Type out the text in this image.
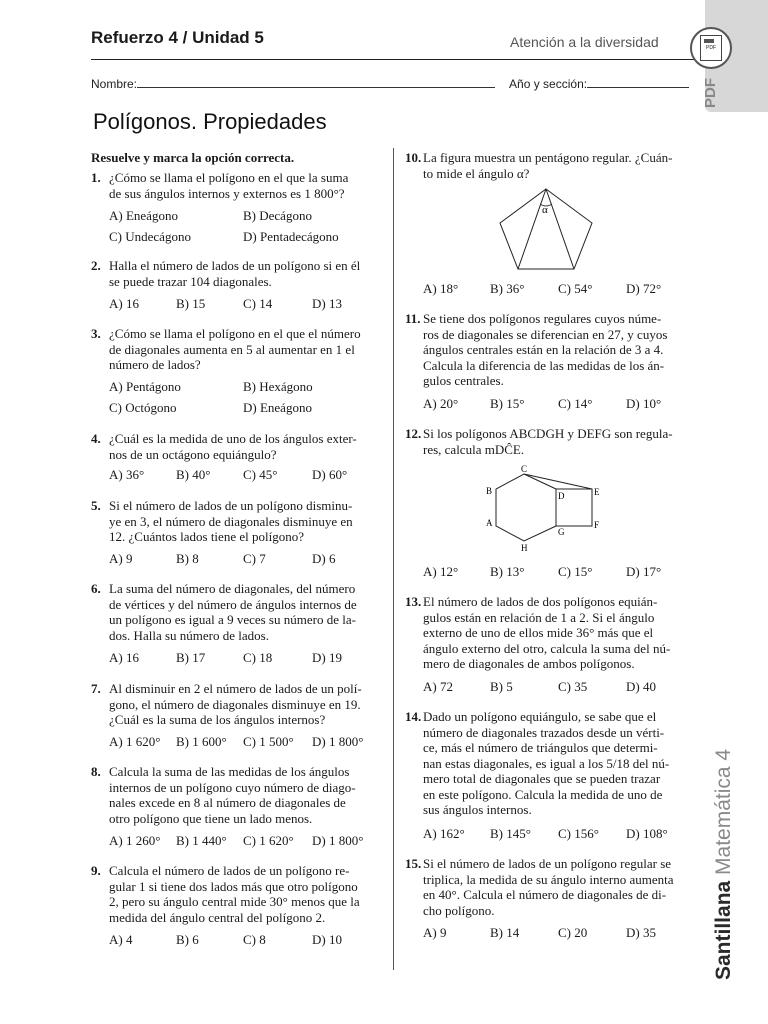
Refuerzo 4 / Unidad 5	Atención a la diversidad
Nombre:	Año y sección:
PDF
PDF
Santillana Matemática 4
Polígonos. Propiedades
Resuelve y marca la opción correcta.
1. ¿Cómo se llama el polígono en el que la suma
de sus ángulos internos y externos es 1 800°?
A) Eneágono	B) Decágono
C) Undecágono	D) Pentadecágono
2. Halla el número de lados de un polígono si en él
se puede trazar 104 diagonales.
A) 16	B) 15	C) 14	D) 13
3. ¿Cómo se llama el polígono en el que el número
de diagonales aumenta en 5 al aumentar en 1 el
número de lados?
A) Pentágono	B) Hexágono
C) Octógono	D) Eneágono
4. ¿Cuál es la medida de uno de los ángulos exter-
nos de un octágono equiángulo?
A) 36° B) 40°	C) 45°	D) 60°
5. Si el número de lados de un polígono disminu-
ye en 3, el número de diagonales disminuye en
12. ¿Cuántos lados tiene el polígono?
A) 9	B) 8	C) 7	D) 6
6. La suma del número de diagonales, del número
de vértices y del número de ángulos internos de
un polígono es igual a 9 veces su número de la-
dos. Halla su número de lados.
A) 16	B) 17	C) 18	D) 19
7. Al disminuir en 2 el número de lados de un polí-
gono, el número de diagonales disminuye en 19.
¿Cuál es la suma de los ángulos internos?
A) 1 620° B) 1 600° C) 1 500° D) 1 800°
8. Calcula la suma de las medidas de los ángulos
internos de un polígono cuyo número de diago-
nales excede en 8 al número de diagonales de
otro polígono que tiene un lado menos.
A) 1 260° B) 1 440° C) 1 620° D) 1 800°
9. Calcula el número de lados de un polígono re-
gular 1 si tiene dos lados más que otro polígono
2, pero su ángulo central mide 30° menos que la
medida del ángulo central del polígono 2.
A) 4	B) 6	C) 8	D) 10
10. La figura muestra un pentágono regular. ¿Cuán-
to mide el ángulo α?
A) 18° B) 36°	C) 54°	D) 72°
11. Se tiene dos polígonos regulares cuyos núme-
ros de diagonales se diferencian en 27, y cuyos
ángulos centrales están en la relación de 3 a 4.
Calcula la diferencia de las medidas de los án-
gulos centrales.
A) 20° B) 15°	C) 14°	D) 10°
12. Si los polígonos ABCDGH y DEFG son regula-
res, calcula mDĈE.
A) 12° B) 13°	C) 15°	D) 17°
13. El número de lados de dos polígonos equián-
gulos están en relación de 1 a 2. Si el ángulo
externo de uno de ellos mide 36° más que el
ángulo externo del otro, calcula la suma del nú-
mero de diagonales de ambos polígonos.
A) 72	B) 5	C) 35	D) 40
14. Dado un polígono equiángulo, se sabe que el
número de diagonales trazados desde un vérti-
ce, más el número de triángulos que determi-
nan estas diagonales, es igual a los 5/18 del nú-
mero total de diagonales que se pueden trazar
en este polígono. Calcula la medida de uno de
sus ángulos internos.
A) 162° B) 145° C) 156° D) 108°
15. Si el número de lados de un polígono regular se
triplica, la medida de su ángulo interno aumenta
en 40°. Calcula el número de diagonales de di-
cho polígono.
A) 9	B) 14	C) 20	D) 35
α
C
B
A
H
D	E
F
G
